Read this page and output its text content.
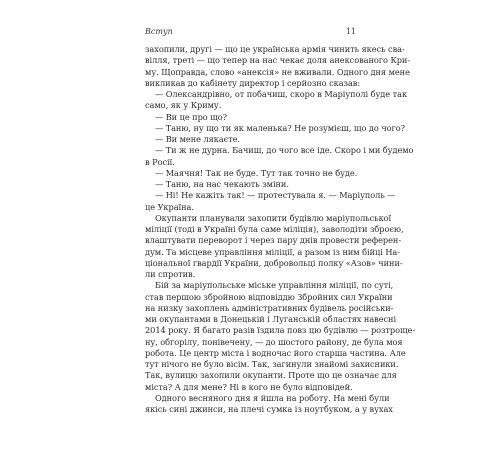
Вступ	11
захопили, другі — що це українська армія чинить якесь сва-
вілля, треті — що тепер на нас чекає доля анексованого Кри-
му. Щоправда, слово «анексія» не вживали. Одного дня мене
викликав до кабінету директор і серйозно сказав:
— Олександрівно, от побачиш, скоро в Маріуполі буде так
само, як у Криму.
— Ви це про що?
— Таню, ну що ти як маленька? Не розумієш, що до чого?
— Ви мене лякаєте.
— Ти ж не дурна. Бачиш, до чого все іде. Скоро і ми будемо
в Росії.
— Маячня! Так не буде. Тут так точно не буде.
— Таню, на нас чекають зміни.
— Ні! Не кажіть так! — протестувала я. — Маріуполь —
це Україна.
Окупанти планували захопити будівлю маріупольської
міліції (тоді в Україні була саме міліція), заволодіти зброєю,
влаштувати переворот і через пару днів провести референ-
дум. Та місцеве управління міліції, а разом із ним бійці На-
ціональної гвардії України, добровольці полку «Азов» чини-
ли спротив.
Бій за маріупольське міське управління міліції, по суті,
став першою збройною відповіддю Збройних сил України
на низку захоплень адміністративних будівель російськи-
ми окупантами в Донецькій і Луганській областях навесні
2014 року. Я багато разів їздила повз цю будівлю — розтроще-
ну, обгорілу, понівечену, — до шостого району, де була моя
робота. Це центр міста і водночас його старша частина. Але
тут нічого не було вісім. Так, загинули знайомі захисники.
Так, вулицю захопили окупанти. Проте що це означає для
міста? А для мене? Ні в кого не було відповідей.
Одного весняного дня я йшла на роботу. На мені були
якісь сині джинси, на плечі сумка із ноутбуком, а у вухах
